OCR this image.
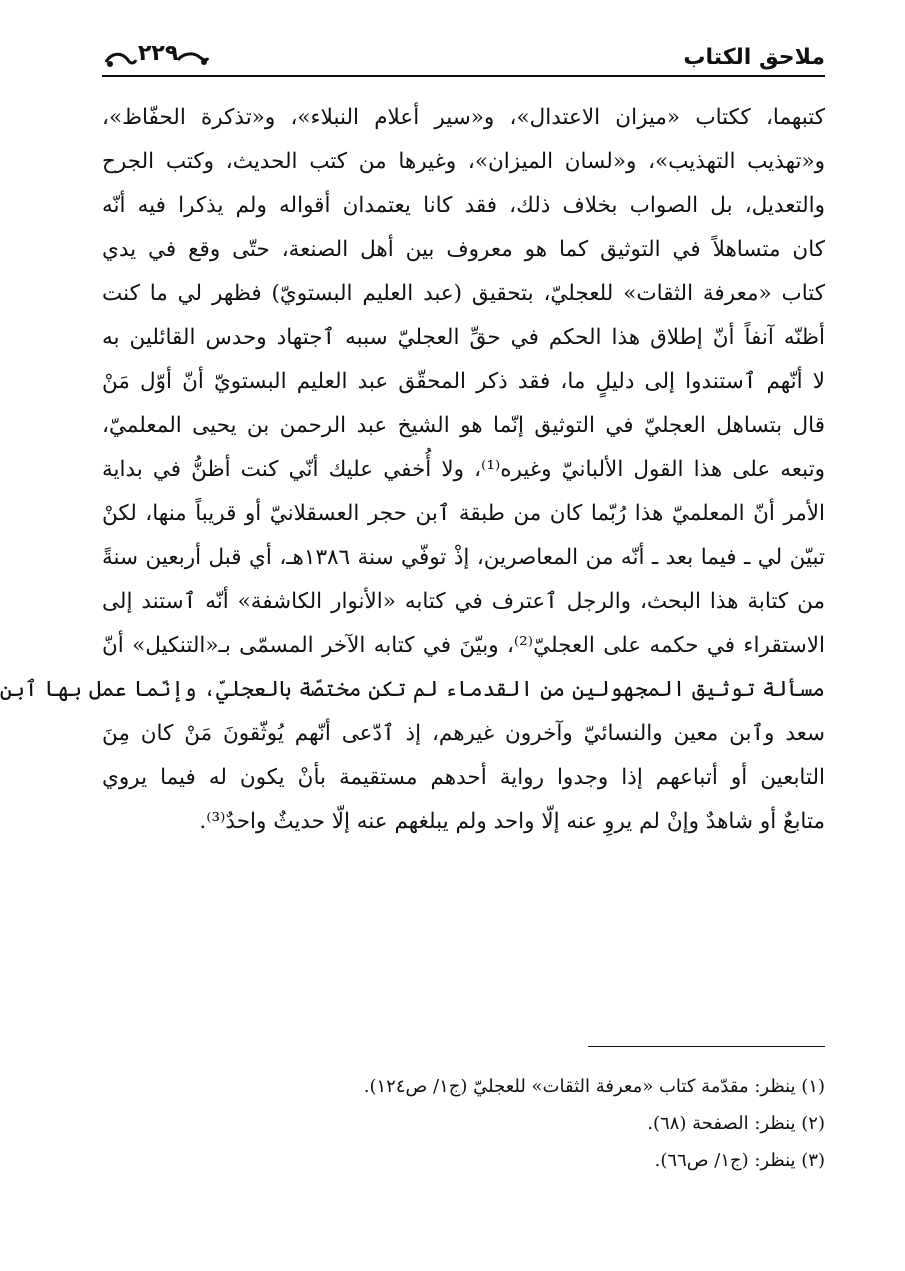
ملاحق الكتاب
٢٢٩
كتبهما، ككتاب «ميزان الاعتدال»، و«سير أعلام النبلاء»، و«تذكرة الحفّاظ»،
و«تهذيب التهذيب»، و«لسان الميزان»، وغيرها من كتب الحديث، وكتب الجرح
والتعديل، بل الصواب بخلاف ذلك، فقد كانا يعتمدان أقواله ولم يذكرا فيه أنّه
كان متساهلاً في التوثيق كما هو معروف بين أهل الصنعة، حتّى وقع في يدي
كتاب «معرفة الثقات» للعجليّ، بتحقيق (عبد العليم البستويّ) فظهر لي ما كنت
أظنّه آنفاً أنّ إطلاق هذا الحكم في حقِّ العجليّ سببه ٱجتهاد وحدس القائلين به
لا أنّهم ٱستندوا إلى دليلٍ ما، فقد ذكر المحقّق عبد العليم البستويّ أنّ أوّل مَنْ
قال بتساهل العجليّ في التوثيق إنّما هو الشيخ عبد الرحمن بن يحيى المعلميّ،
وتبعه على هذا القول الألبانيّ وغيره⁽¹⁾، ولا أُخفي عليك أنّي كنت أظنُّ في بداية
الأمر أنّ المعلميّ هذا رُبّما كان من طبقة ٱبن حجر العسقلانيّ أو قريباً منها، لكنْ
تبيّن لي ـ فيما بعد ـ أنّه من المعاصرين، إذْ توفّي سنة ١٣٨٦هـ، أي قبل أربعين سنةً
من كتابة هذا البحث، والرجل ٱعترف في كتابه «الأنوار الكاشفة» أنّه ٱستند إلى
الاستقراء في حكمه على العجليّ⁽²⁾، وبيّنَ في كتابه الآخر المسمّى بـ«التنكيل» أنّ
مسألة توثيق المجهولين من القدماء لم تكن مختصّة بالعجليّ، وإنّما عمل بها ٱبن
سعد وٱبن معين والنسائيّ وآخرون غيرهم، إذ ٱدّعى أنّهم يُوثّقونَ مَنْ كان مِنَ
التابعين أو أتباعهم إذا وجدوا رواية أحدهم مستقيمة بأنْ يكون له فيما يروي
متابعٌ أو شاهدٌ وإنْ لم يروِ عنه إلّا واحد ولم يبلغهم عنه إلّا حديثٌ واحدٌ⁽³⁾.
(١) ينظر: مقدّمة كتاب «معرفة الثقات» للعجليّ (ج١/ ص١٢٤).
(٢) ينظر: الصفحة (٦٨).
(٣) ينظر: (ج١/ ص٦٦).
